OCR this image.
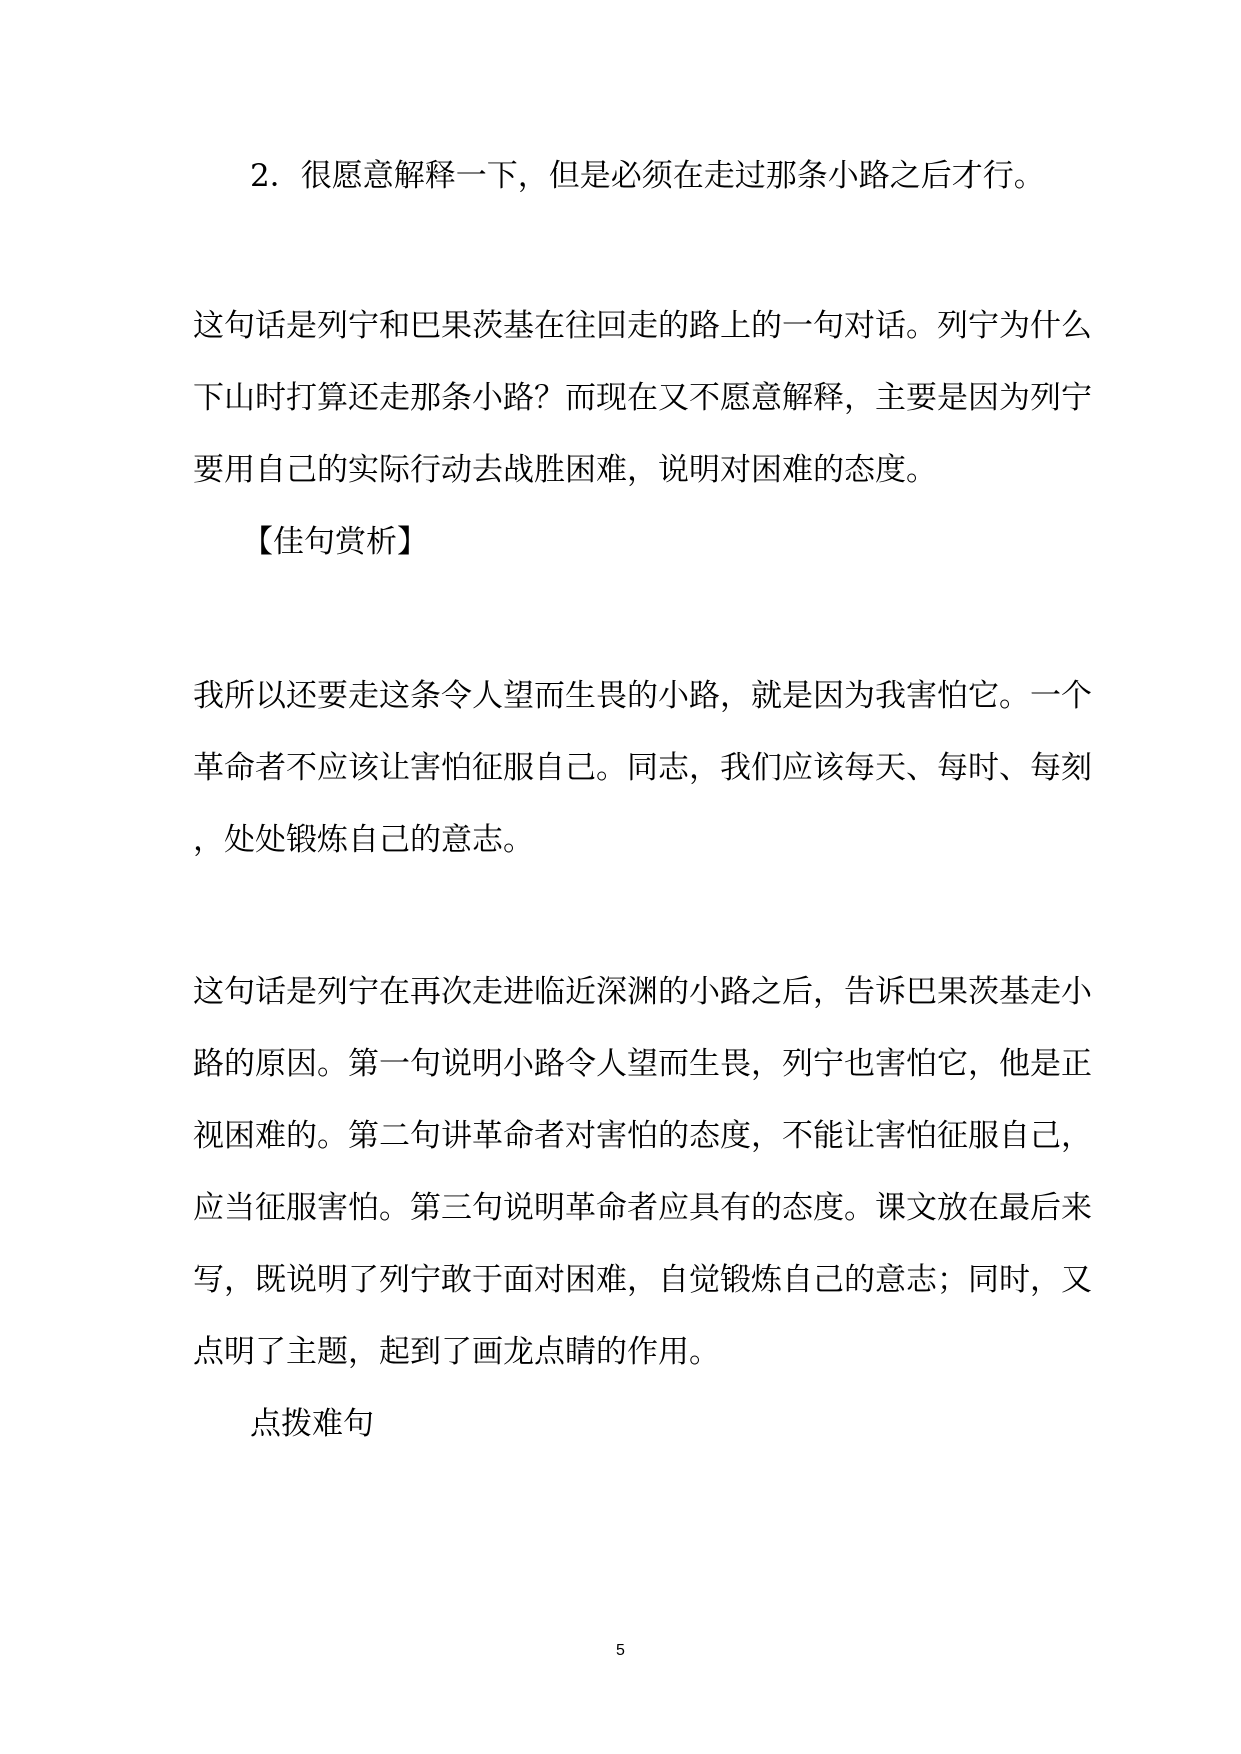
2．很愿意解释一下，但是必须在走过那条小路之后才行。
这句话是列宁和巴果茨基在往回走的路上的一句对话。列宁为什么
下山时打算还走那条小路？而现在又不愿意解释，主要是因为列宁
要用自己的实际行动去战胜困难，说明对困难的态度。
【佳句赏析】
我所以还要走这条令人望而生畏的小路，就是因为我害怕它。一个
革命者不应该让害怕征服自己。同志，我们应该每天、每时、每刻
，处处锻炼自己的意志。
这句话是列宁在再次走进临近深渊的小路之后，告诉巴果茨基走小
路的原因。第一句说明小路令人望而生畏，列宁也害怕它，他是正
视困难的。第二句讲革命者对害怕的态度，不能让害怕征服自己，
应当征服害怕。第三句说明革命者应具有的态度。课文放在最后来
写，既说明了列宁敢于面对困难，自觉锻炼自己的意志；同时，又
点明了主题，起到了画龙点睛的作用。
点拨难句
5
